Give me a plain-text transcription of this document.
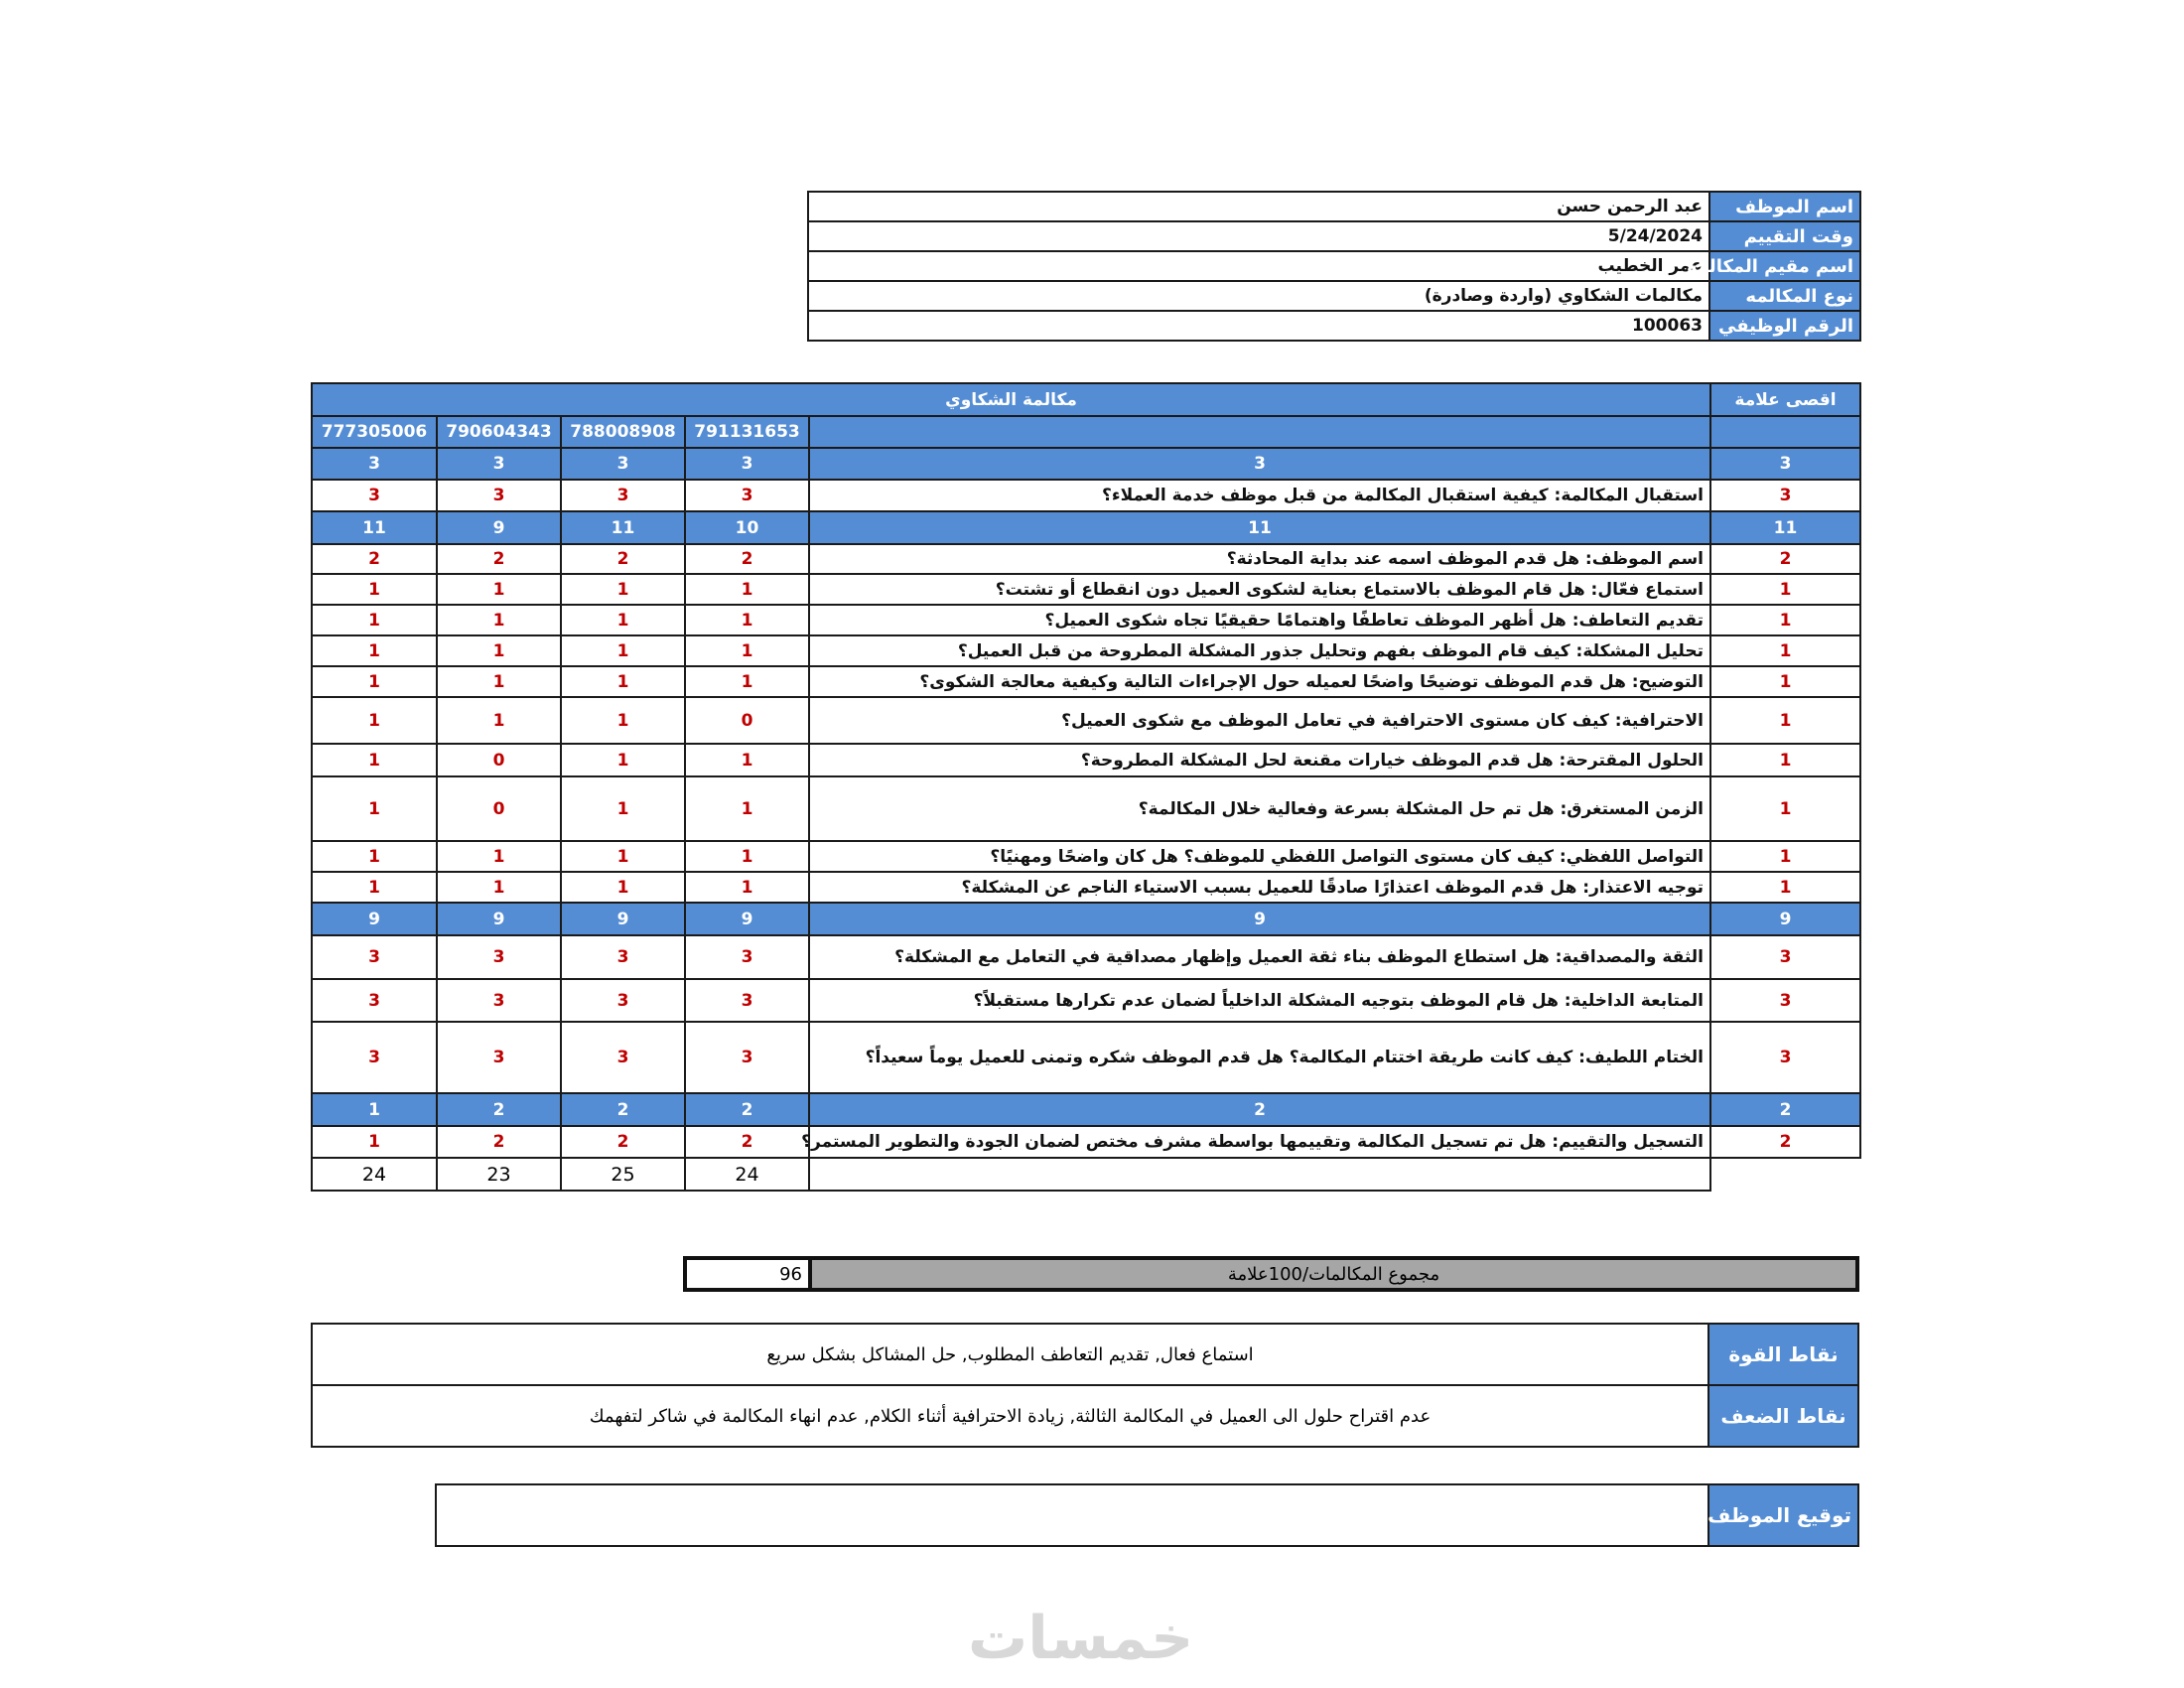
عبد الرحمن حسن	اسم الموظف
5/24/2024	وقت التقييم
عمر الخطيب	اسم مقيم المكالمه
مكالمات الشكاوي (واردة وصادرة)	نوع المكالمه
100063	الرقم الوظيفي
مكالمة الشكاوي					اقصى علامة
777305006	790604343	788008908	791131653		
3	3	3	3	3	3
3	3	3	3	استقبال المكالمة: كيفية استقبال المكالمة من قبل موظف خدمة العملاء؟	3
11	9	11	10	11	11
2	2	2	2	اسم الموظف: هل قدم الموظف اسمه عند بداية المحادثة؟	2
1	1	1	1	استماع فعّال: هل قام الموظف بالاستماع بعناية لشكوى العميل دون انقطاع أو تشتت؟	1
1	1	1	1	تقديم التعاطف: هل أظهر الموظف تعاطفًا واهتمامًا حقيقيًا تجاه شكوى العميل؟	1
1	1	1	1	تحليل المشكلة: كيف قام الموظف بفهم وتحليل جذور المشكلة المطروحة من قبل العميل؟	1
1	1	1	1	التوضيح: هل قدم الموظف توضيحًا واضحًا لعميله حول الإجراءات التالية وكيفية معالجة الشكوى؟	1
1	1	1	0	الاحترافية: كيف كان مستوى الاحترافية في تعامل الموظف مع شكوى العميل؟	1
1	0	1	1	الحلول المقترحة: هل قدم الموظف خيارات مقنعة لحل المشكلة المطروحة؟	1
1	0	1	1	الزمن المستغرق: هل تم حل المشكلة بسرعة وفعالية خلال المكالمة؟	1
1	1	1	1	التواصل اللفظي: كيف كان مستوى التواصل اللفظي للموظف؟ هل كان واضحًا ومهنيًا؟	1
1	1	1	1	توجيه الاعتذار: هل قدم الموظف اعتذارًا صادقًا للعميل بسبب الاستياء الناجم عن المشكلة؟	1
9	9	9	9	9	9
3	3	3	3	الثقة والمصداقية: هل استطاع الموظف بناء ثقة العميل وإظهار مصداقية في التعامل مع المشكلة؟	3
3	3	3	3	المتابعة الداخلية: هل قام الموظف بتوجيه المشكلة الداخلياً لضمان عدم تكرارها مستقبلاً؟	3
3	3	3	3	الختام اللطيف: كيف كانت طريقة اختتام المكالمة؟ هل قدم الموظف شكره وتمنى للعميل يوماً سعيداً؟	3
1	2	2	2	2	2
1	2	2	2	التسجيل والتقييم: هل تم تسجيل المكالمة وتقييمها بواسطة مشرف مختص لضمان الجودة والتطوير المستمر؟	2
24	23	25	24		
96	مجموع المكالمات/100علامة
استماع فعال, تقديم التعاطف المطلوب, حل المشاكل بشكل سريع	نقاط القوة
عدم اقتراح حلول الى العميل في المكالمة الثالثة, زيادة الاحترافية أثناء الكلام, عدم انهاء المكالمة في شاكر لتفهمك	نقاط الضعف
	توقيع الموظف
خمسات
